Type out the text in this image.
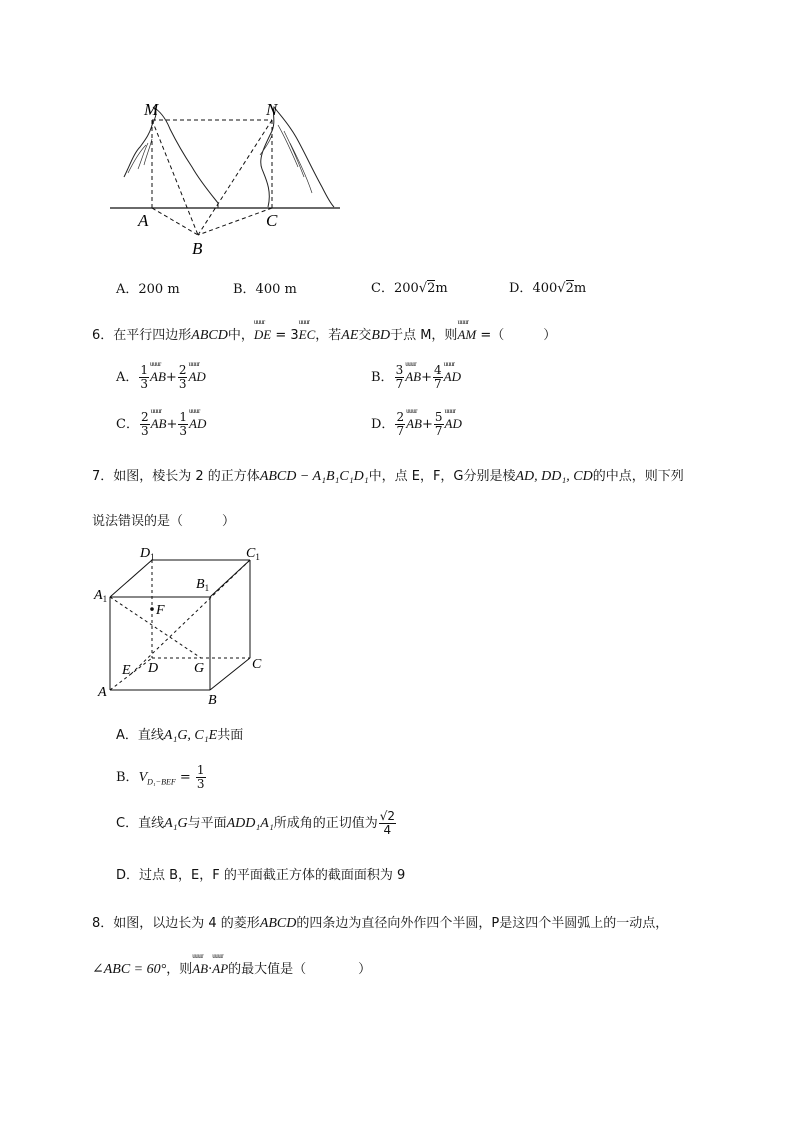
M	N
A
B
C
A．200 m	B．400 m	C．200√2m	D．400√2m
6．在平行四边形ABCD中，uuur DE = 3uuur EC，若AE交BD于点 M，则uuur AM =（　　　）
A． $\frac{1}{3}$ uuur $AB+ \frac{2}{3}$ uuur AD	B． $\frac{3}{7}$ uuur $AB+ \frac{4}{7}$ uuur AD
C． $\frac{2}{3}$ uuur $AB+ \frac{1}{3}$ uuur AD	D． $\frac{2}{7}$ uuur $AB+ \frac{5}{7}$ uuur AD
7．如图，棱长为 2 的正方体ABCD − A₁B₁C₁D₁中，点 E，F，G分别是棱AD, DD₁, CD的中点，则下列
说法错误的是（　　　）
$D_1$	$C_1$
$A_1$
$B_1$
F
E D	G	C
A
B
A．直线A₁G, C₁E共面
B．$V_{D_1-BEF} = \frac{1}{3}$
C．直线A₁G与平面ADD₁A₁所成角的正切值为 $\frac{√2}{4}$
D．过点 B，E，F 的平面截正方体的截面面积为 9
8．如图，以边长为 4 的菱形ABCD的四条边为直径向外作四个半圆，P是这四个半圆弧上的一动点，
∠ABC = 60°，则uuur AB·uuur AP的最大值是（　　　　）
